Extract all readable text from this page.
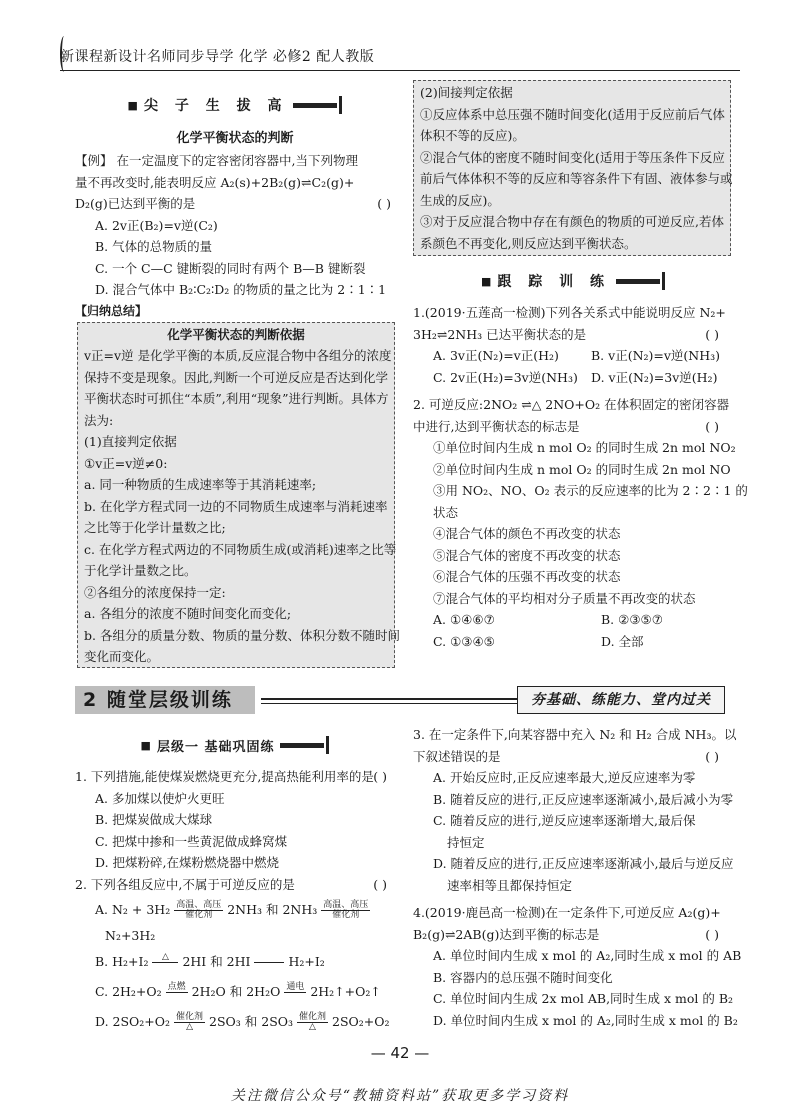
新课程新设计名师同步导学 化学 必修2 配人教版
■ 尖 子 生 拔 高
化学平衡状态的判断
【例】 在一定温度下的定容密闭容器中,当下列物理
量不再改变时,能表明反应 A₂(s)+2B₂(g)⇌C₂(g)+
D₂(g)已达到平衡的是	( )
A. 2v正(B₂)=v逆(C₂)
B. 气体的总物质的量
C. 一个 C—C 键断裂的同时有两个 B—B 键断裂
D. 混合气体中 B₂∶C₂∶D₂ 的物质的量之比为 2∶1∶1
【归纳总结】
化学平衡状态的判断依据
v正=v逆 是化学平衡的本质,反应混合物中各组分的浓度
保持不变是现象。因此,判断一个可逆反应是否达到化学
平衡状态时可抓住“本质”,利用“现象”进行判断。具体方
法为:
(1)直接判定依据
①v正=v逆≠0:
a. 同一种物质的生成速率等于其消耗速率;
b. 在化学方程式同一边的不同物质生成速率与消耗速率
之比等于化学计量数之比;
c. 在化学方程式两边的不同物质生成(或消耗)速率之比等
于化学计量数之比。
②各组分的浓度保持一定:
a. 各组分的浓度不随时间变化而变化;
b. 各组分的质量分数、物质的量分数、体积分数不随时间
变化而变化。
(2)间接判定依据
①反应体系中总压强不随时间变化(适用于反应前后气体
体积不等的反应)。
②混合气体的密度不随时间变化(适用于等压条件下反应
前后气体体积不等的反应和等容条件下有固、液体参与或
生成的反应)。
③对于反应混合物中存在有颜色的物质的可逆反应,若体
系颜色不再变化,则反应达到平衡状态。
■ 跟 踪 训 练
1.(2019·五莲高一检测)下列各关系式中能说明反应 N₂+
3H₂⇌2NH₃ 已达平衡状态的是	( )
A. 3v正(N₂)=v正(H₂)	B. v正(N₂)=v逆(NH₃)
C. 2v正(H₂)=3v逆(NH₃)	D. v正(N₂)=3v逆(H₂)
2. 可逆反应:2NO₂ ⇌△ 2NO+O₂ 在体积固定的密闭容器
中进行,达到平衡状态的标志是	( )
①单位时间内生成 n mol O₂ 的同时生成 2n mol NO₂
②单位时间内生成 n mol O₂ 的同时生成 2n mol NO
③用 NO₂、NO、O₂ 表示的反应速率的比为 2∶2∶1 的
状态
④混合气体的颜色不再改变的状态
⑤混合气体的密度不再改变的状态
⑥混合气体的压强不再改变的状态
⑦混合气体的平均相对分子质量不再改变的状态
A. ①④⑥⑦	B. ②③⑤⑦
C. ①③④⑤	D. 全部
2 随堂层级训练	夯基础、练能力、堂内过关
■ 层级一 基础巩固练
1. 下列措施,能使煤炭燃烧更充分,提高热能利用率的是 ( )
A. 多加煤以使炉火更旺
B. 把煤炭做成大煤球
C. 把煤中掺和一些黄泥做成蜂窝煤
D. 把煤粉碎,在煤粉燃烧器中燃烧
2. 下列各组反应中,不属于可逆反应的是	( )
A. N₂ + 3H₂ 高温、高压
催化剂	2NH₃ 和 2NH₃ 高温、高压
催化剂
N₂+3H₂
B. H₂+I₂	△
	2HI 和 2HI

	H₂+I₂
C. 2H₂+O₂ 点燃
2H₂O 和 2H₂O 通电
2H₂↑+O₂↑
D. 2SO₂+O₂ 催化剂
△	2SO₃ 和 2SO₃ 催化剂
△	2SO₂+O₂
3. 在一定条件下,向某容器中充入 N₂ 和 H₂ 合成 NH₃。以
下叙述错误的是	( )
A. 开始反应时,正反应速率最大,逆反应速率为零
B. 随着反应的进行,正反应速率逐渐减小,最后减小为零
C. 随着反应的进行,逆反应速率逐渐增大,最后保
持恒定
D. 随着反应的进行,正反应速率逐渐减小,最后与逆反应
速率相等且都保持恒定
4.(2019·鹿邑高一检测)在一定条件下,可逆反应 A₂(g)+
B₂(g)⇌2AB(g)达到平衡的标志是	( )
A. 单位时间内生成 x mol 的 A₂,同时生成 x mol 的 AB
B. 容器内的总压强不随时间变化
C. 单位时间内生成 2x mol AB,同时生成 x mol 的 B₂
D. 单位时间内生成 x mol 的 A₂,同时生成 x mol 的 B₂
— 42 —
关注微信公众号“教辅资料站”获取更多学习资料
